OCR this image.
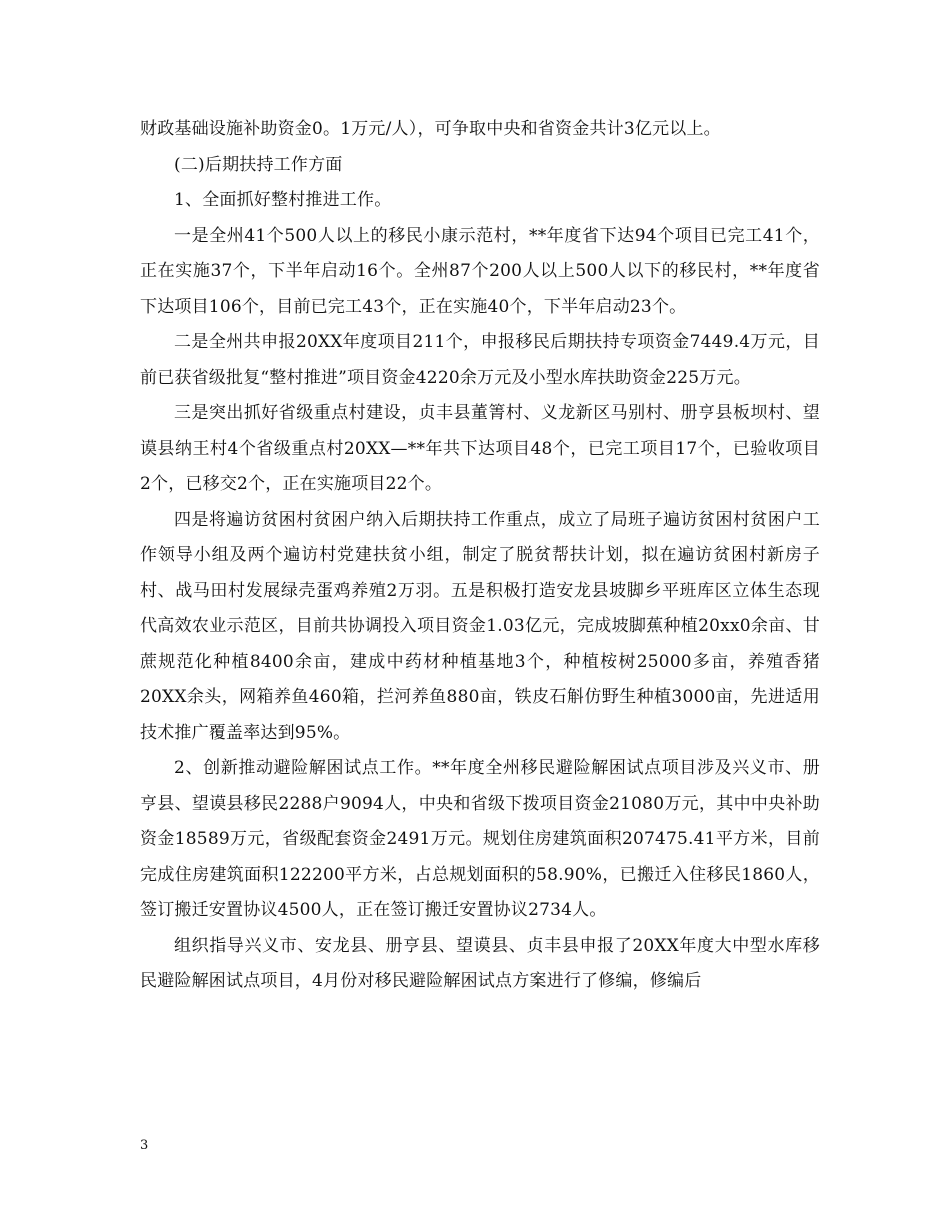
财政基础设施补助资金0。1万元/人），可争取中央和省资金共计3亿元以上。

(二)后期扶持工作方面

1、全面抓好整村推进工作。

一是全州41个500人以上的移民小康示范村，**年度省下达94个项目已完工41个，正在实施37个，下半年启动16个。全州87个200人以上500人以下的移民村，**年度省下达项目106个，目前已完工43个，正在实施40个，下半年启动23个。

二是全州共申报20XX年度项目211个，申报移民后期扶持专项资金7449.4万元，目前已获省级批复“整村推进”项目资金4220余万元及小型水库扶助资金225万元。

三是突出抓好省级重点村建设，贞丰县董箐村、义龙新区马别村、册亨县板坝村、望谟县纳王村4个省级重点村20XX—**年共下达项目48个，已完工项目17个，已验收项目2个，已移交2个，正在实施项目22个。

四是将遍访贫困村贫困户纳入后期扶持工作重点，成立了局班子遍访贫困村贫困户工作领导小组及两个遍访村党建扶贫小组，制定了脱贫帮扶计划，拟在遍访贫困村新房子村、战马田村发展绿壳蛋鸡养殖2万羽。五是积极打造安龙县坡脚乡平班库区立体生态现代高效农业示范区，目前共协调投入项目资金1.03亿元，完成坡脚蕉种植20xx0余亩、甘蔗规范化种植8400余亩，建成中药材种植基地3个，种植桉树25000多亩，养殖香猪20XX余头，网箱养鱼460箱，拦河养鱼880亩，铁皮石斛仿野生种植3000亩，先进适用技术推广覆盖率达到95%。

2、创新推动避险解困试点工作。**年度全州移民避险解困试点项目涉及兴义市、册亨县、望谟县移民2288户9094人，中央和省级下拨项目资金21080万元，其中中央补助资金18589万元，省级配套资金2491万元。规划住房建筑面积207475.41平方米，目前完成住房建筑面积122200平方米，占总规划面积的58.90%，已搬迁入住移民1860人，签订搬迁安置协议4500人，正在签订搬迁安置协议2734人。

组织指导兴义市、安龙县、册亨县、望谟县、贞丰县申报了20XX年度大中型水库移民避险解困试点项目，4月份对移民避险解困试点方案进行了修编，修编后

3
